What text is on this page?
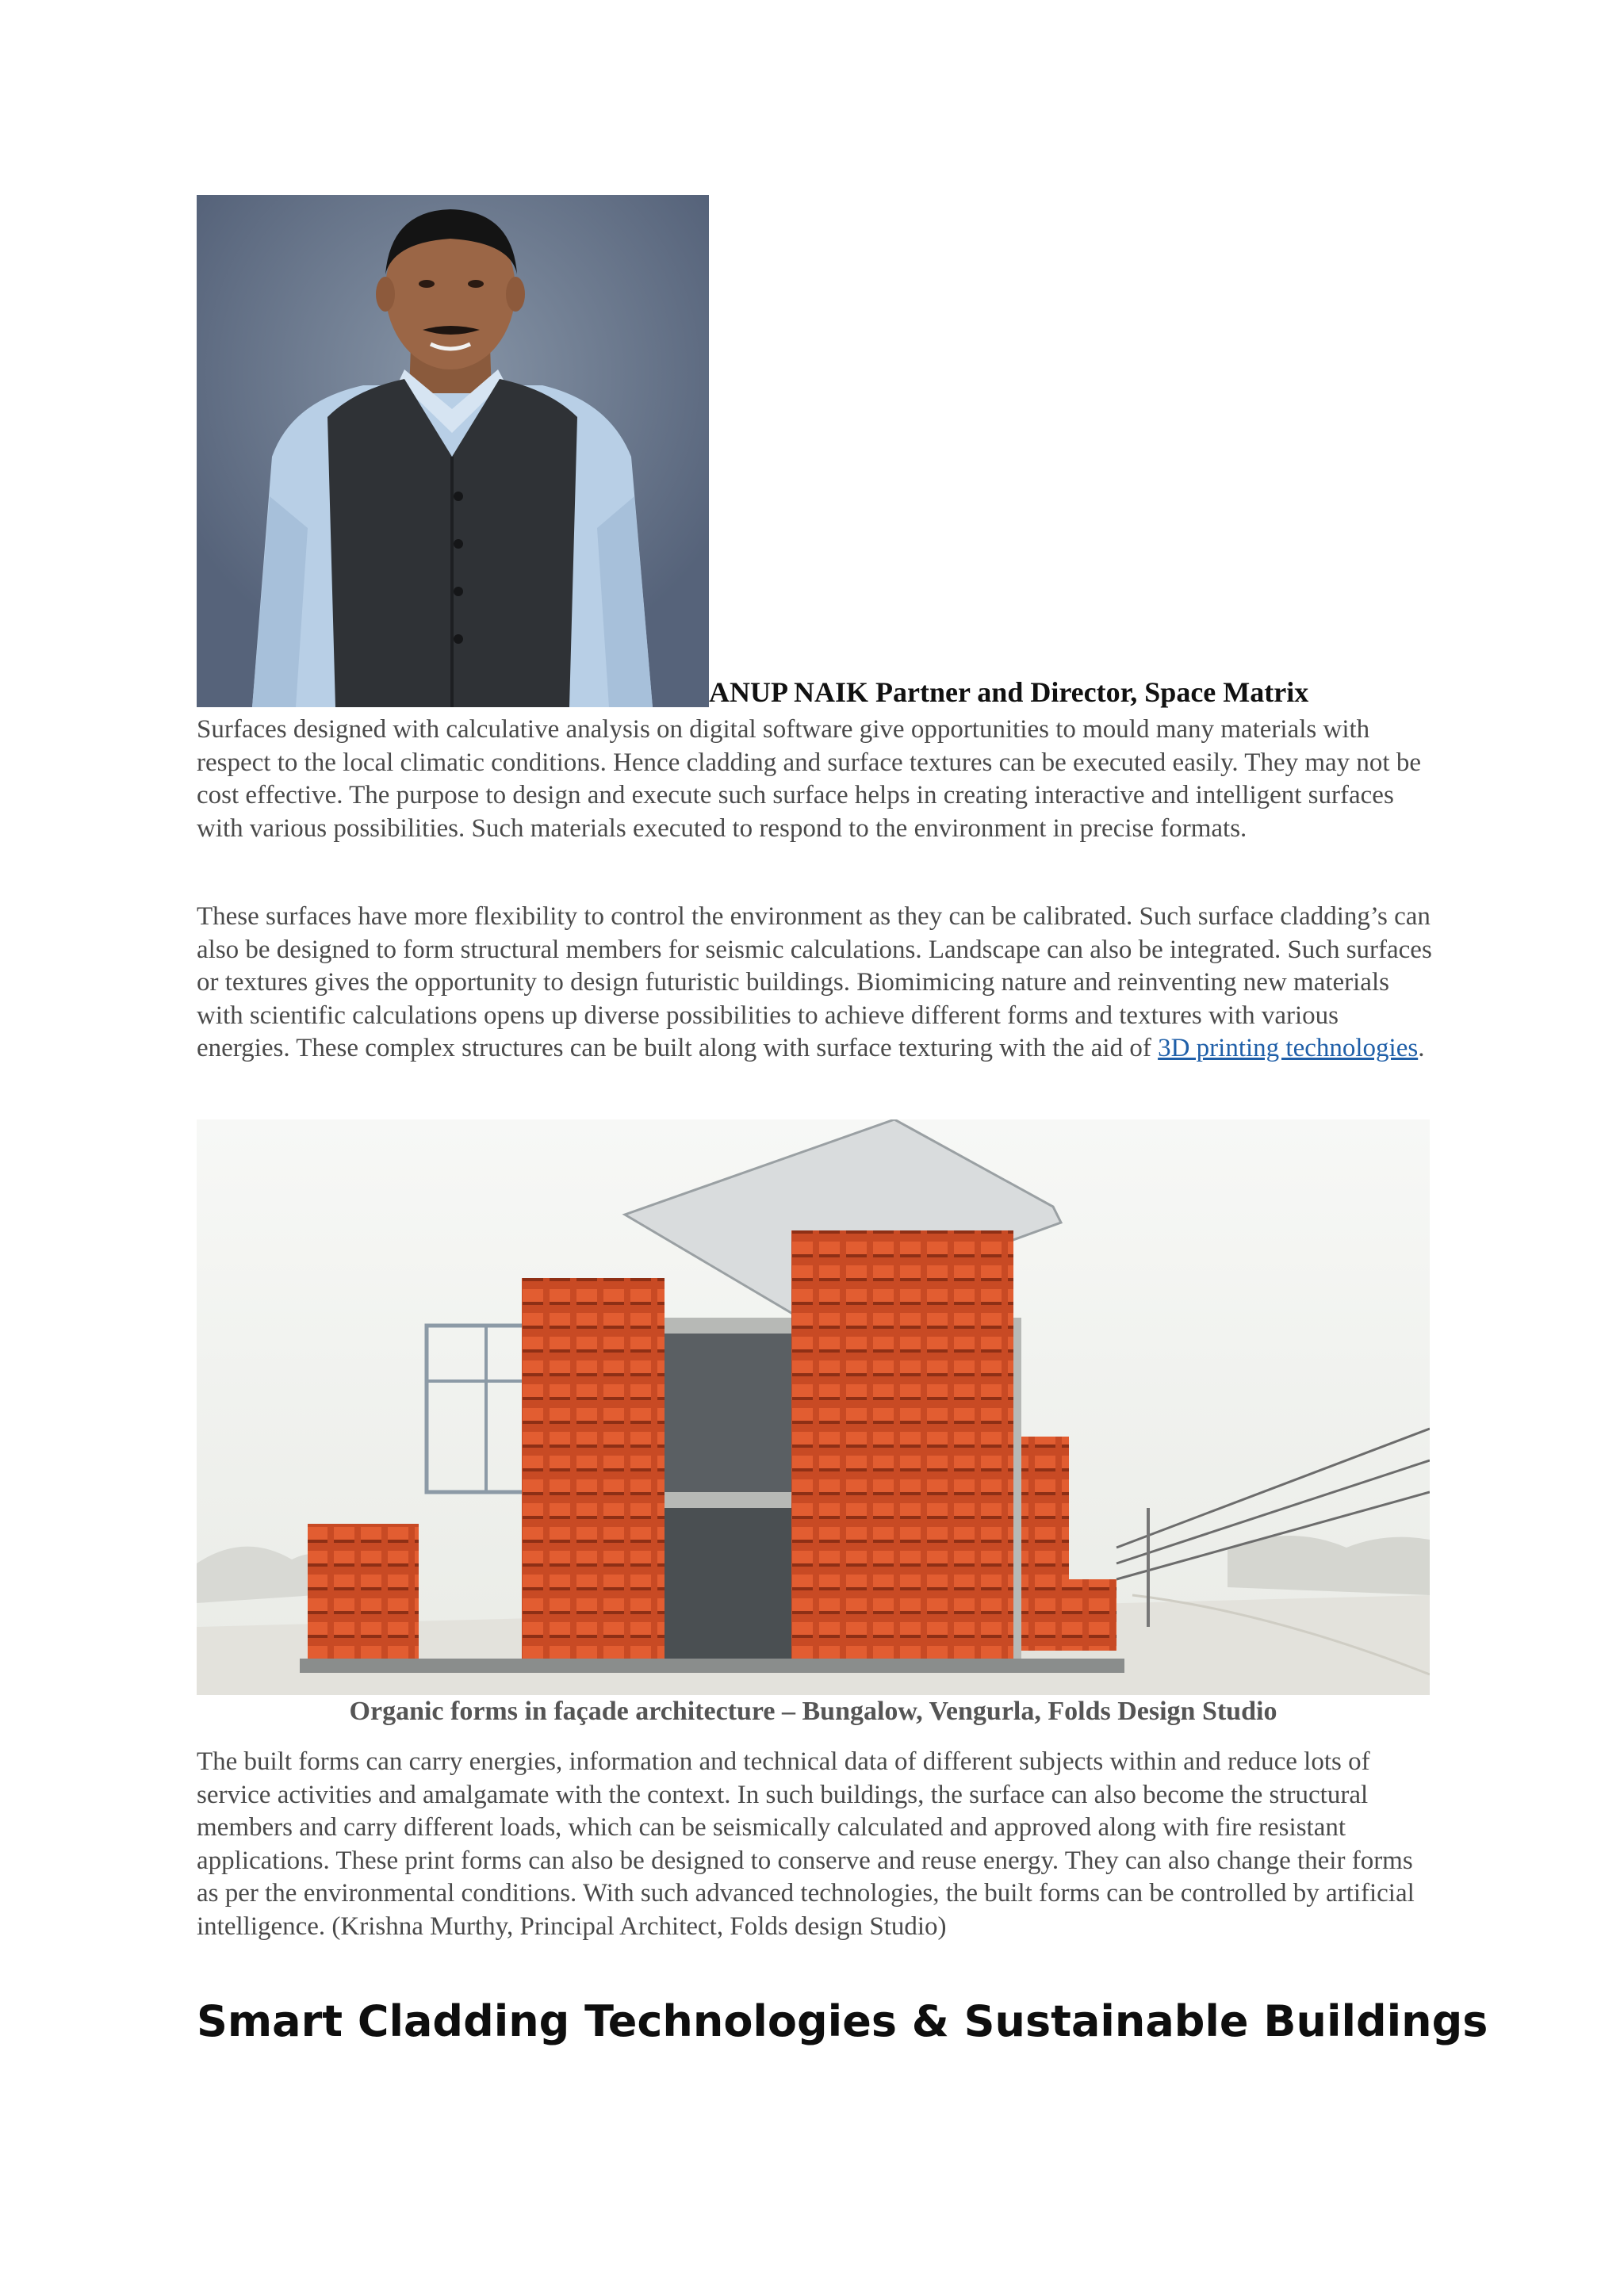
ANUP NAIK Partner and Director, Space Matrix

Surfaces designed with calculative analysis on digital software give opportunities to mould many materials with respect to the local climatic conditions. Hence cladding and surface textures can be executed easily. They may not be cost effective. The purpose to design and execute such surface helps in creating interactive and intelligent surfaces with various possibilities. Such materials executed to respond to the environment in precise formats.

These surfaces have more flexibility to control the environment as they can be calibrated. Such surface cladding’s can also be designed to form structural members for seismic calculations. Landscape can also be integrated. Such surfaces or textures gives the opportunity to design futuristic buildings. Biomimicing nature and reinventing new materials with scientific calculations opens up diverse possibilities to achieve different forms and textures with various energies. These complex structures can be built along with surface texturing with the aid of 3D printing technologies.

Organic forms in façade architecture – Bungalow, Vengurla, Folds Design Studio

The built forms can carry energies, information and technical data of different subjects within and reduce lots of service activities and amalgamate with the context. In such buildings, the surface can also become the structural members and carry different loads, which can be seismically calculated and approved along with fire resistant applications. These print forms can also be designed to conserve and reuse energy. They can also change their forms as per the environmental conditions. With such advanced technologies, the built forms can be controlled by artificial intelligence. (Krishna Murthy, Principal Architect, Folds design Studio)

Smart Cladding Technologies & Sustainable Buildings
